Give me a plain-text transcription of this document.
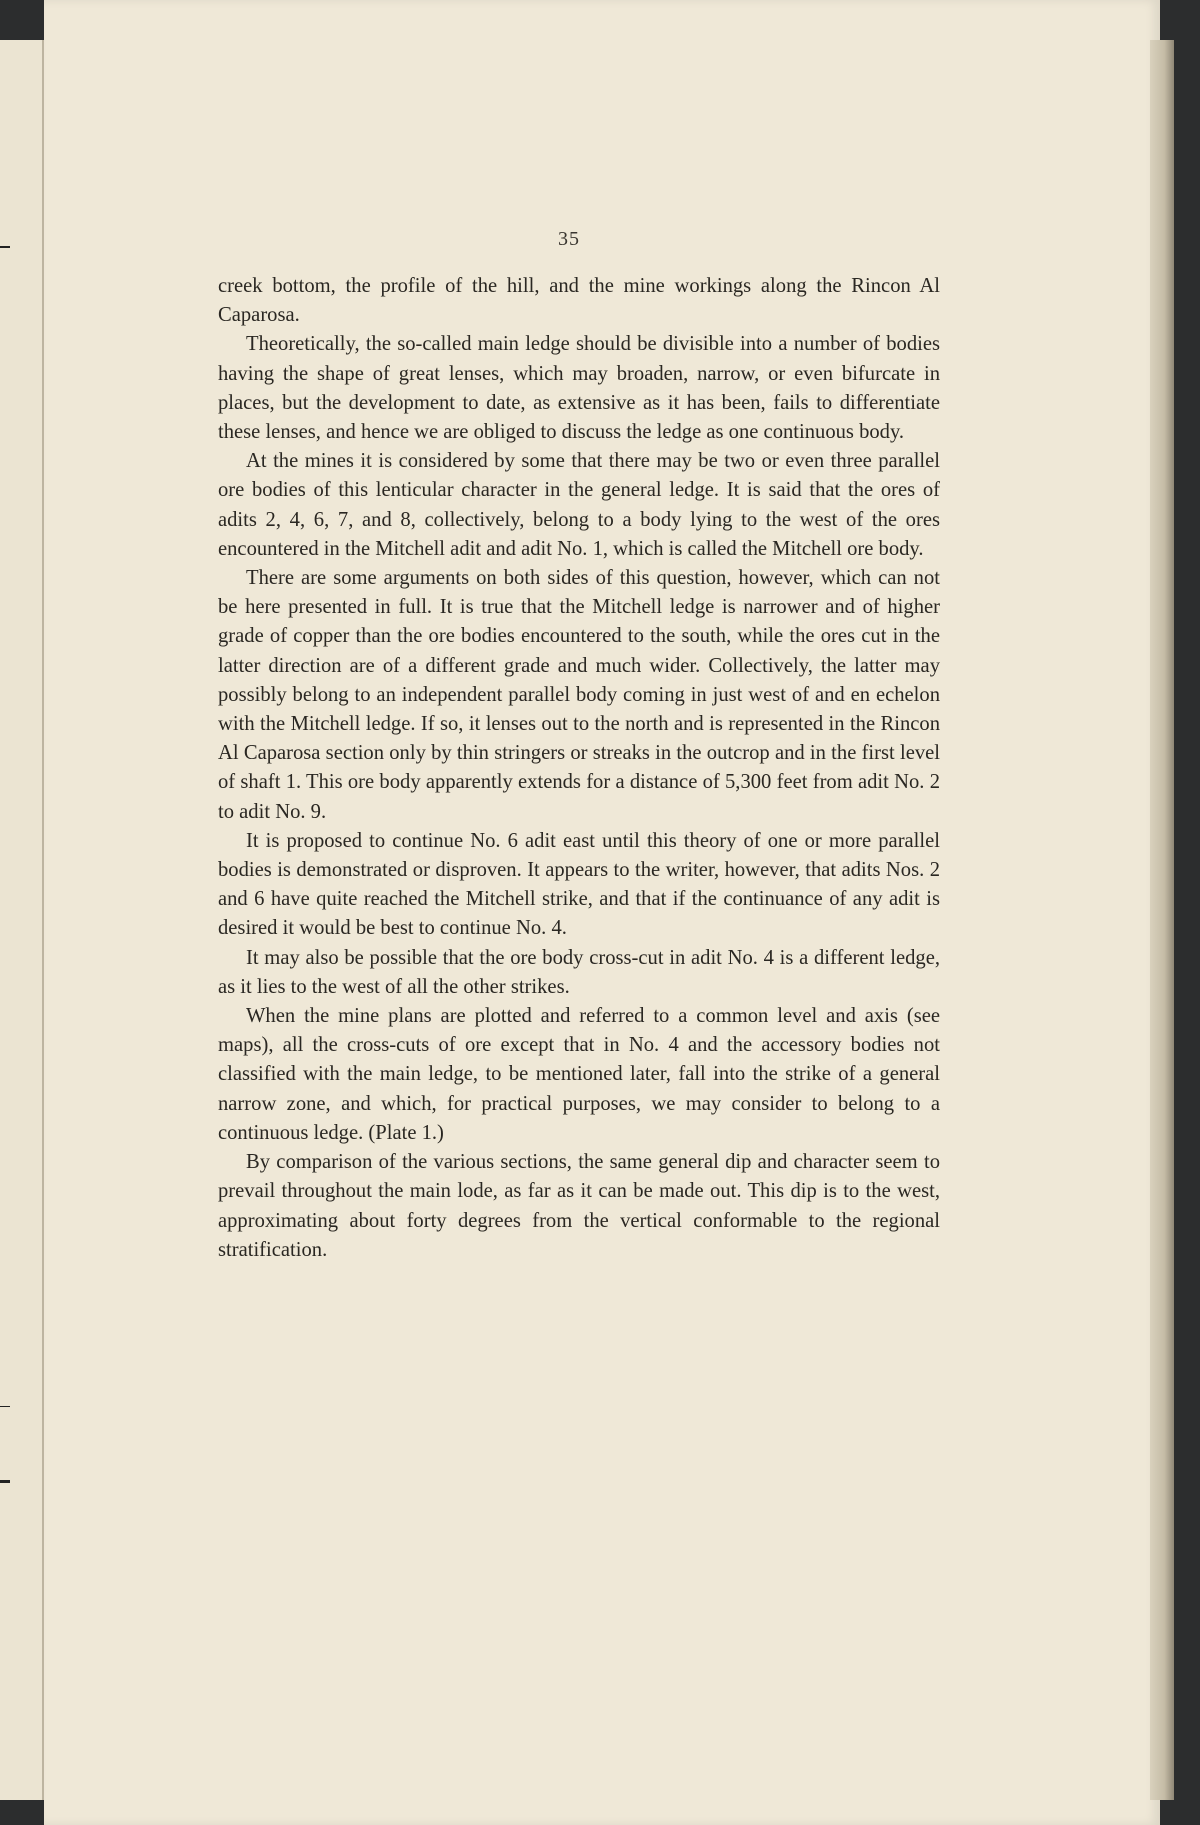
35

creek bottom, the profile of the hill, and the mine workings along the Rincon Al Caparosa.

Theoretically, the so-called main ledge should be divisible into a number of bodies having the shape of great lenses, which may broaden, narrow, or even bifurcate in places, but the development to date, as extensive as it has been, fails to differentiate these lenses, and hence we are obliged to discuss the ledge as one continuous body.

At the mines it is considered by some that there may be two or even three parallel ore bodies of this lenticular character in the general ledge. It is said that the ores of adits 2, 4, 6, 7, and 8, collectively, belong to a body lying to the west of the ores encountered in the Mitchell adit and adit No. 1, which is called the Mitchell ore body.

There are some arguments on both sides of this question, however, which can not be here presented in full. It is true that the Mitchell ledge is narrower and of higher grade of copper than the ore bodies encountered to the south, while the ores cut in the latter direction are of a different grade and much wider. Collectively, the latter may possibly belong to an independent parallel body coming in just west of and en echelon with the Mitchell ledge. If so, it lenses out to the north and is represented in the Rincon Al Caparosa section only by thin stringers or streaks in the outcrop and in the first level of shaft 1. This ore body apparently extends for a distance of 5,300 feet from adit No. 2 to adit No. 9.

It is proposed to continue No. 6 adit east until this theory of one or more parallel bodies is demonstrated or disproven. It appears to the writer, however, that adits Nos. 2 and 6 have quite reached the Mitchell strike, and that if the continuance of any adit is desired it would be best to continue No. 4.

It may also be possible that the ore body cross-cut in adit No. 4 is a different ledge, as it lies to the west of all the other strikes.

When the mine plans are plotted and referred to a common level and axis (see maps), all the cross-cuts of ore except that in No. 4 and the accessory bodies not classified with the main ledge, to be mentioned later, fall into the strike of a general narrow zone, and which, for practical purposes, we may consider to belong to a continuous ledge. (Plate 1.)

By comparison of the various sections, the same general dip and character seem to prevail throughout the main lode, as far as it can be made out. This dip is to the west, approximating about forty degrees from the vertical conformable to the regional stratification.
